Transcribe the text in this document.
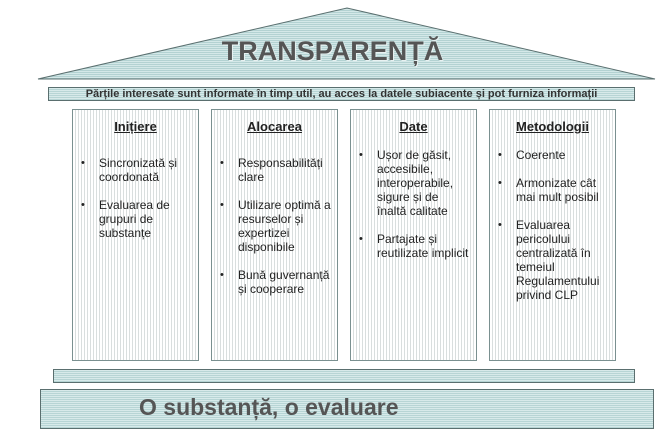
TRANSPARENȚĂ
Părțile interesate sunt informate în timp util, au acces la datele subiacente și pot furniza informații
Inițiere
• Sincronizată și coordonată
• Evaluarea de grupuri de substanțe
Alocarea
• Responsabilități clare
• Utilizare optimă a resurselor și expertizei disponibile
• Bună guvernanță și cooperare
Date
• Ușor de găsit, accesibile, interoperabile, sigure și de înaltă calitate
• Partajate și reutilizate implicit
Metodologii
• Coerente
• Armonizate cât mai mult posibil
• Evaluarea pericolului centralizată în temeiul Regulamentului privind CLP
O substanță, o evaluare
